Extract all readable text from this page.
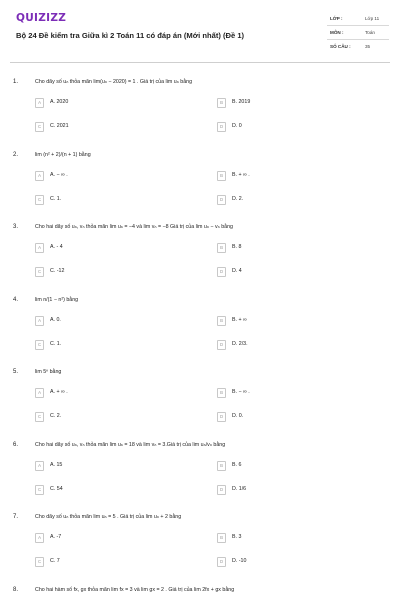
QUIZIZZ
Bộ 24 Đề kiểm tra Giữa kì 2 Toán 11 có đáp án (Mới nhất) (Đề 1)
LỚP :	Lớp 11
MÔN :	Toán
SỐ CÂU :	35
1.	Cho dãy số uₙ thỏa mãn lim(uₙ − 2020) = 1 . Giá trị của lim uₙ bằng
A	A. 2020	B	B. 2019
C	C. 2021	D	D. 0
2.	lim (n² + 2)/(n + 1) bằng
A	A. − ∞ .	B	B. + ∞ .
C	C. 1.	D	D. 2.
3.	Cho hai dãy số uₙ, vₙ thỏa mãn lim uₙ = −4 và lim vₙ = −8 Giá trị của lim uₙ − vₙ bằng
A	A. - 4	B	B. 8
C	C. -12	D	D. 4
4.	lim n/(1 − n²) bằng
A	A. 0.	B	B. + ∞
C	C. 1.	D	D. 2/3.
5.	lim 5ⁿ bằng
A	A. + ∞ .	B	B. − ∞ .
C	C. 2.	D	D. 0.
6.	Cho hai dãy số uₙ, vₙ thỏa mãn lim uₙ = 18 và lim vₙ = 3.Giá trị của lim uₙ/vₙ bằng
A	A. 15	B	B. 6
C	C. 54	D	D. 1/6
7.	Cho dãy số uₙ thỏa mãn lim uₙ = 5 . Giá trị của lim uₙ + 2 bằng
A	A. -7	B	B. 3
C	C. 7	D	D. -10
8.	Cho hai hàm số fx, gx thỏa mãn lim fx = 3 và lim gx = 2 . Giá trị của lim 2fx + gx bằng
